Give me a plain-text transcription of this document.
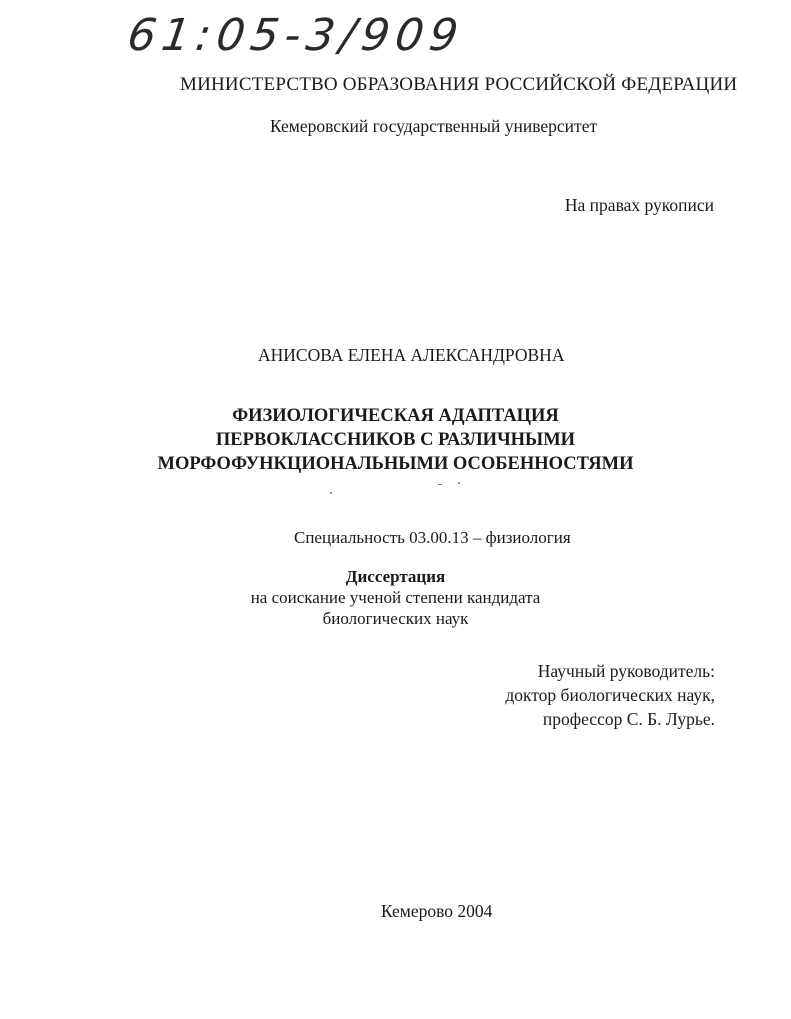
61:05-3/909
МИНИСТЕРСТВО ОБРАЗОВАНИЯ РОССИЙСКОЙ ФЕДЕРАЦИИ
Кемеровский государственный университет
На правах рукописи
АНИСОВА ЕЛЕНА АЛЕКСАНДРОВНА
ФИЗИОЛОГИЧЕСКАЯ АДАПТАЦИЯ
ПЕРВОКЛАССНИКОВ С РАЗЛИЧНЫМИ
МОРФОФУНКЦИОНАЛЬНЫМИ ОСОБЕННОСТЯМИ
Специальность 03.00.13 – физиология
Диссертация
на соискание ученой степени кандидата
биологических наук
Научный руководитель:
доктор биологических наук,
профессор С. Б. Лурье.
Кемерово 2004
